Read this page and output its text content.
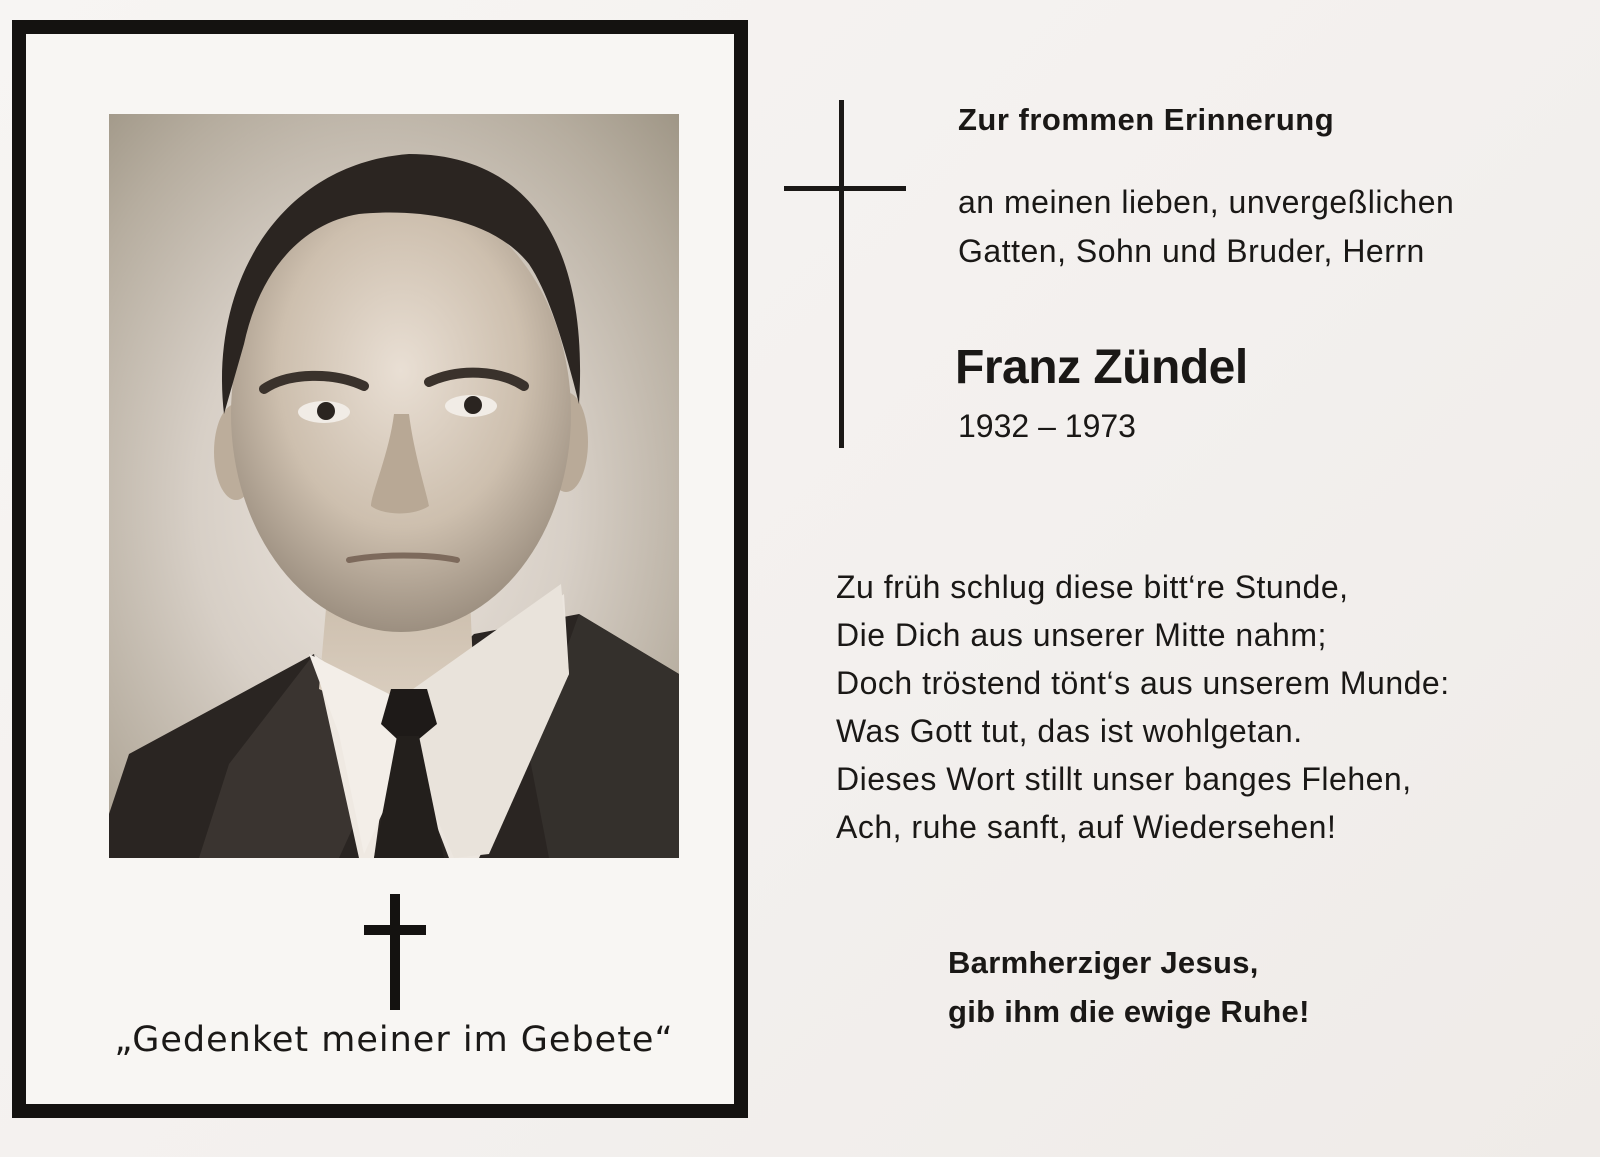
„Gedenket meiner im Gebete“
Zur frommen Erinnerung
an meinen lieben, unvergeßlichen
Gatten, Sohn und Bruder, Herrn
Franz Zündel
1932 – 1973
Zu früh schlug diese bitt‘re Stunde,
Die Dich aus unserer Mitte nahm;
Doch tröstend tönt‘s aus unserem Munde:
Was Gott tut, das ist wohlgetan.
Dieses Wort stillt unser banges Flehen,
Ach, ruhe sanft, auf Wiedersehen!
Barmherziger Jesus,
gib ihm die ewige Ruhe!
